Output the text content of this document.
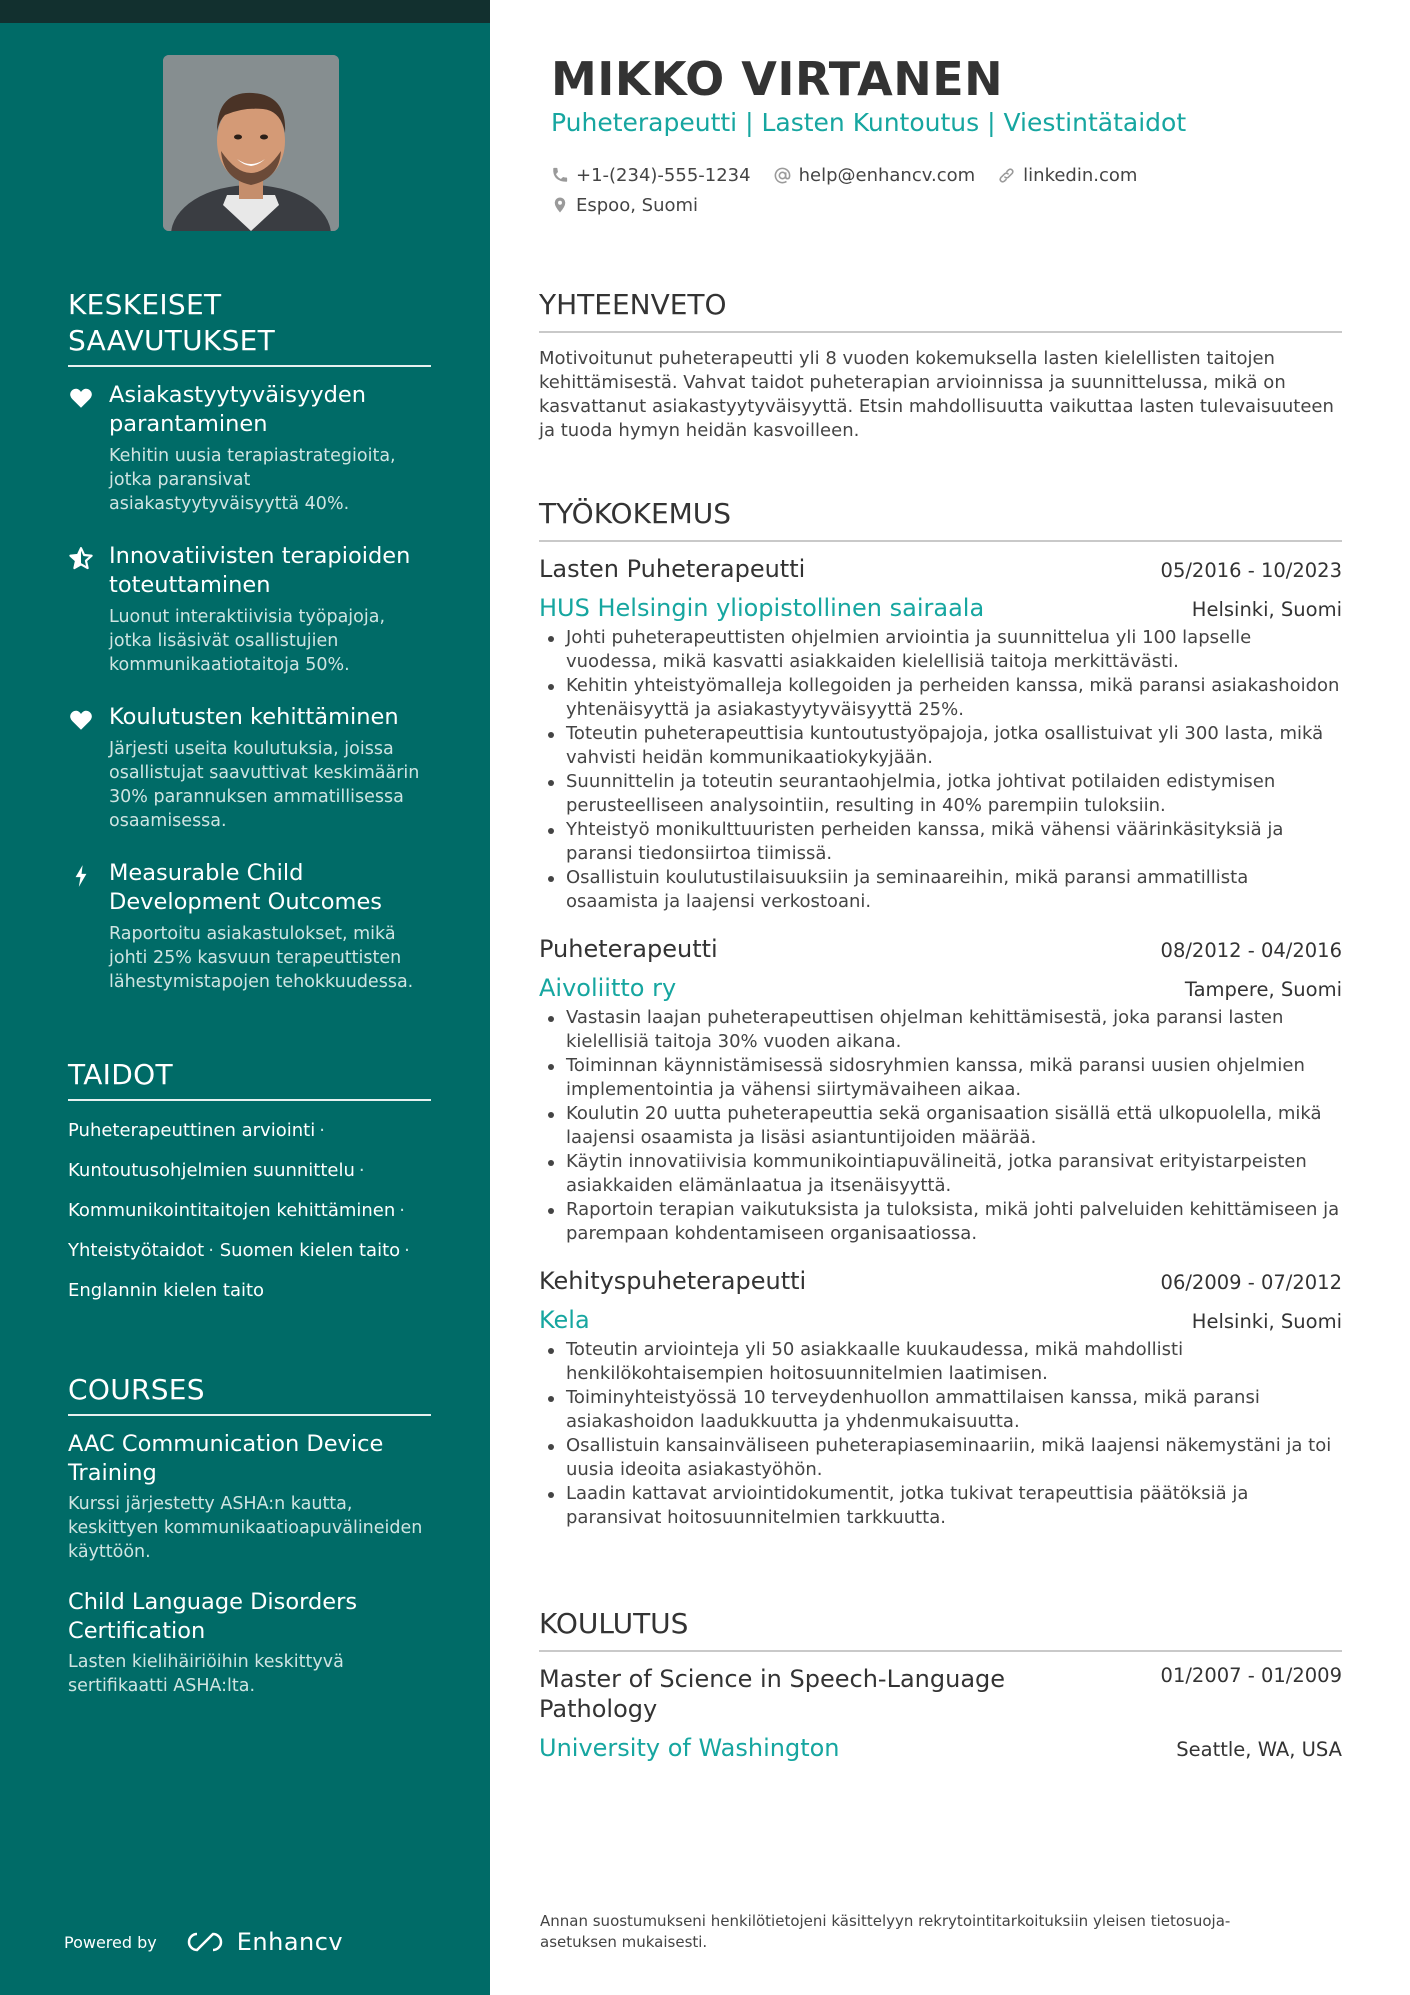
KESKEISET
SAAVUTUKSET
Asiakastyytyväisyyden parantaminen
Kehitin uusia terapiastrategioita, jotka paransivat asiakastyytyväisyyttä 40%.
Innovatiivisten terapioiden toteuttaminen
Luonut interaktiivisia työpajoja, jotka lisäsivät osallistujien kommunikaatiotaitoja 50%.
Koulutusten kehittäminen
Järjesti useita koulutuksia, joissa osallistujat saavuttivat keskimäärin 30% parannuksen ammatillisessa osaamisessa.
Measurable Child Development Outcomes
Raportoitu asiakastulokset, mikä johti 25% kasvuun terapeuttisten lähestymistapojen tehokkuudessa.
TAIDOT
Puheterapeuttinen arviointi ·
Kuntoutusohjelmien suunnittelu ·
Kommunikointitaitojen kehittäminen ·
Yhteistyötaidot · Suomen kielen taito ·
Englannin kielen taito
COURSES
AAC Communication Device Training
Kurssi järjestetty ASHA:n kautta, keskittyen kommunikaatioapuvälineiden käyttöön.
Child Language Disorders Certification
Lasten kielihäiriöihin keskittyvä sertifikaatti ASHA:lta.
Powered by	Enhancv
MIKKO VIRTANEN
Puheterapeutti | Lasten Kuntoutus | Viestintätaidot
+1-(234)-555-1234	help@enhancv.com	linkedin.com
Espoo, Suomi
YHTEENVETO
Motivoitunut puheterapeutti yli 8 vuoden kokemuksella lasten kielellisten taitojen kehittämisestä. Vahvat taidot puheterapian arvioinnissa ja suunnittelussa, mikä on kasvattanut asiakastyytyväisyyttä. Etsin mahdollisuutta vaikuttaa lasten tulevaisuuteen ja tuoda hymyn heidän kasvoilleen.
TYÖKOKEMUS
Lasten Puheterapeutti	05/2016 - 10/2023
HUS Helsingin yliopistollinen sairaala	Helsinki, Suomi
Johti puheterapeuttisten ohjelmien arviointia ja suunnittelua yli 100 lapselle vuodessa, mikä kasvatti asiakkaiden kielellisiä taitoja merkittävästi.
Kehitin yhteistyömalleja kollegoiden ja perheiden kanssa, mikä paransi asiakashoidon yhtenäisyyttä ja asiakastyytyväisyyttä 25%.
Toteutin puheterapeuttisia kuntoutustyöpajoja, jotka osallistuivat yli 300 lasta, mikä vahvisti heidän kommunikaatiokykyjään.
Suunnittelin ja toteutin seurantaohjelmia, jotka johtivat potilaiden edistymisen perusteelliseen analysointiin, resulting in 40% parempiin tuloksiin.
Yhteistyö monikulttuuristen perheiden kanssa, mikä vähensi väärinkäsityksiä ja paransi tiedonsiirtoa tiimissä.
Osallistuin koulutustilaisuuksiin ja seminaareihin, mikä paransi ammatillista osaamista ja laajensi verkostoani.
Puheterapeutti	08/2012 - 04/2016
Aivoliitto ry	Tampere, Suomi
Vastasin laajan puheterapeuttisen ohjelman kehittämisestä, joka paransi lasten kielellisiä taitoja 30% vuoden aikana.
Toiminnan käynnistämisessä sidosryhmien kanssa, mikä paransi uusien ohjelmien implementointia ja vähensi siirtymävaiheen aikaa.
Koulutin 20 uutta puheterapeuttia sekä organisaation sisällä että ulkopuolella, mikä laajensi osaamista ja lisäsi asiantuntijoiden määrää.
Käytin innovatiivisia kommunikointiapuvälineitä, jotka paransivat erityistarpeisten asiakkaiden elämänlaatua ja itsenäisyyttä.
Raportoin terapian vaikutuksista ja tuloksista, mikä johti palveluiden kehittämiseen ja parempaan kohdentamiseen organisaatiossa.
Kehityspuheterapeutti	06/2009 - 07/2012
Kela	Helsinki, Suomi
Toteutin arviointeja yli 50 asiakkaalle kuukaudessa, mikä mahdollisti henkilökohtaisempien hoitosuunnitelmien laatimisen.
Toiminyhteistyössä 10 terveydenhuollon ammattilaisen kanssa, mikä paransi asiakashoidon laadukkuutta ja yhdenmukaisuutta.
Osallistuin kansainväliseen puheterapiaseminaariin, mikä laajensi näkemystäni ja toi uusia ideoita asiakastyöhön.
Laadin kattavat arviointidokumentit, jotka tukivat terapeuttisia päätöksiä ja paransivat hoitosuunnitelmien tarkkuutta.
KOULUTUS
Master of Science in Speech-Language Pathology
01/2007 - 01/2009
University of Washington	Seattle, WA, USA
Annan suostumukseni henkilötietojeni käsittelyyn rekrytointitarkoituksiin yleisen tietosuoja-asetuksen mukaisesti.
